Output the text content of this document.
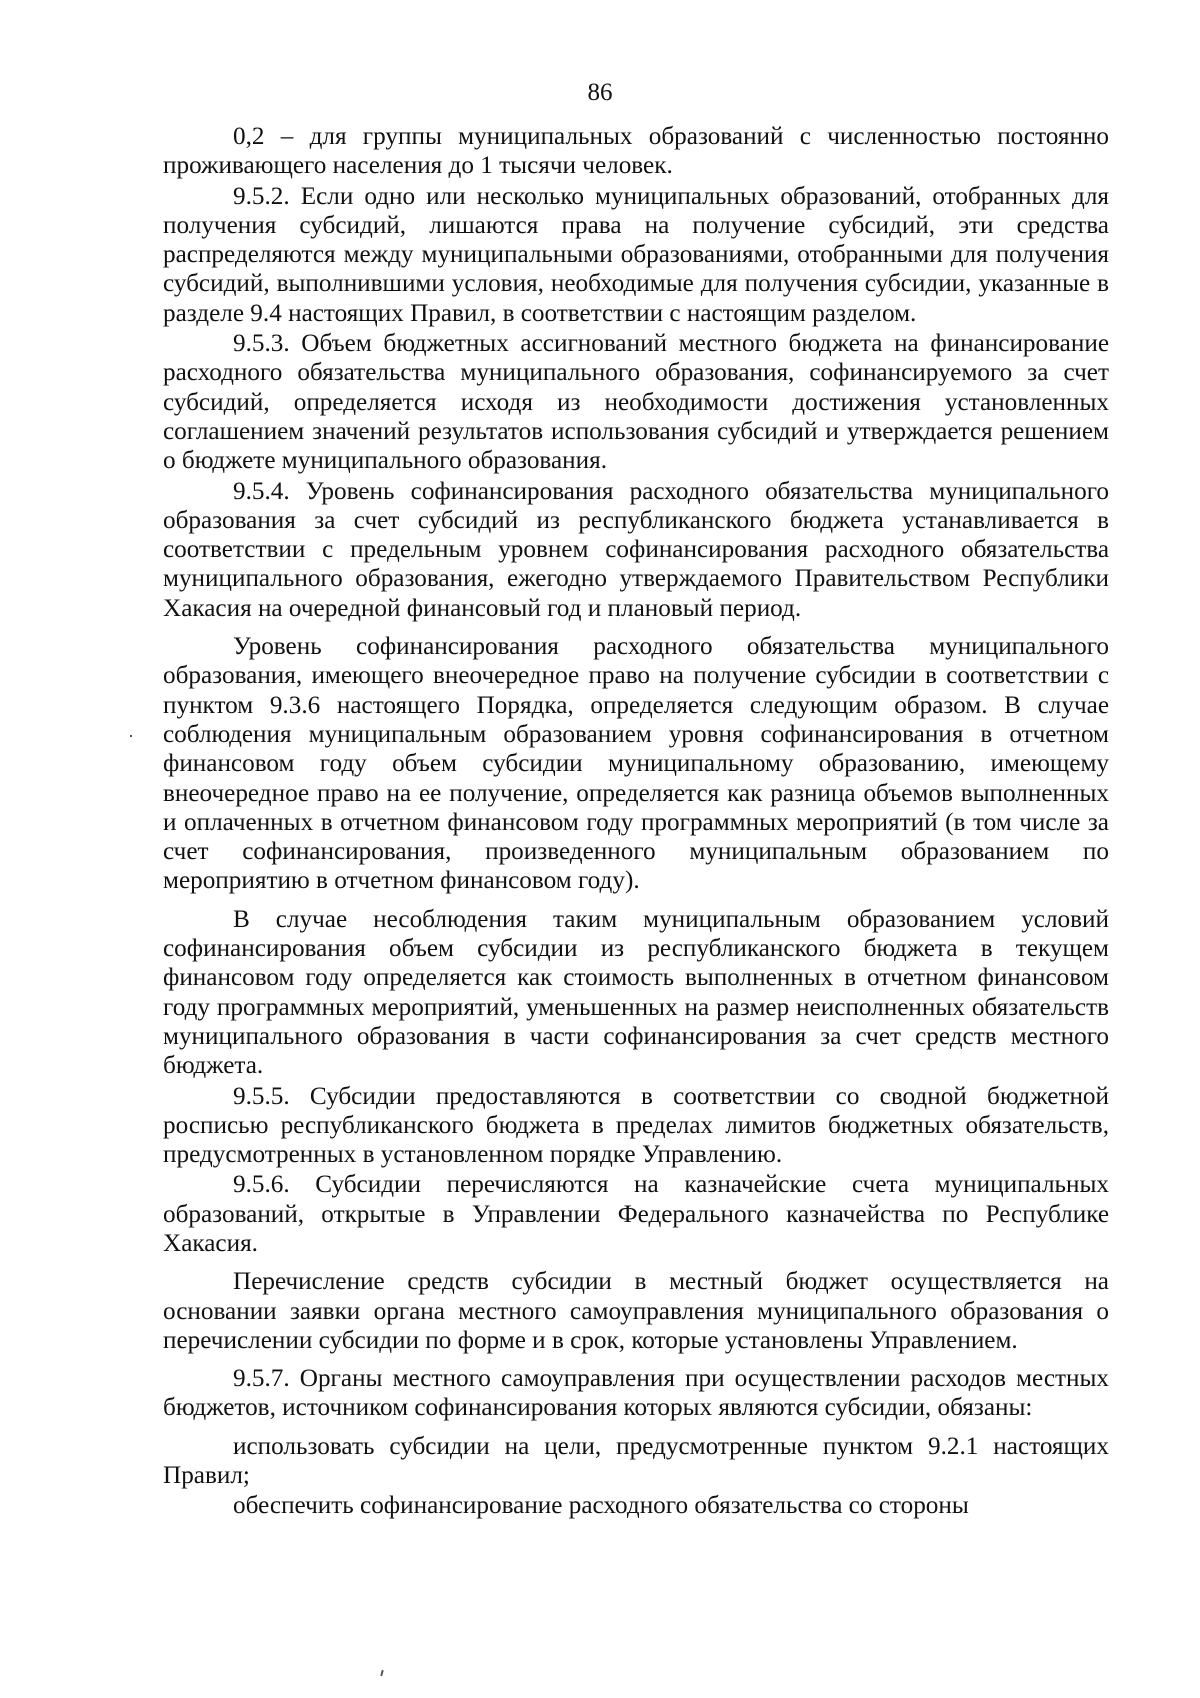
86

0,2 – для группы муниципальных образований с численностью постоянно проживающего населения до 1 тысячи человек.

9.5.2. Если одно или несколько муниципальных образований, отобранных для получения субсидий, лишаются права на получение субсидий, эти средства распределяются между муниципальными образованиями, отобранными для получения субсидий, выполнившими условия, необходимые для получения субсидии, указанные в разделе 9.4 настоящих Правил, в соответствии с настоящим разделом.

9.5.3. Объем бюджетных ассигнований местного бюджета на финансирование расходного обязательства муниципального образования, софинансируемого за счет субсидий, определяется исходя из необходимости достижения установленных соглашением значений результатов использования субсидий и утверждается решением о бюджете муниципального образования.

9.5.4. Уровень софинансирования расходного обязательства муниципального образования за счет субсидий из республиканского бюджета устанавливается в соответствии с предельным уровнем софинансирования расходного обязательства муниципального образования, ежегодно утверждаемого Правительством Республики Хакасия на очередной финансовый год и плановый период.

Уровень софинансирования расходного обязательства муниципального образования, имеющего внеочередное право на получение субсидии в соответствии с пунктом 9.3.6 настоящего Порядка, определяется следующим образом. В случае соблюдения муниципальным образованием уровня софинансирования в отчетном финансовом году объем субсидии муниципальному образованию, имеющему внеочередное право на ее получение, определяется как разница объемов выполненных и оплаченных в отчетном финансовом году программных мероприятий (в том числе за счет софинансирования, произведенного муниципальным образованием по мероприятию в отчетном финансовом году).

В случае несоблюдения таким муниципальным образованием условий софинансирования объем субсидии из республиканского бюджета в текущем финансовом году определяется как стоимость выполненных в отчетном финансовом году программных мероприятий, уменьшенных на размер неисполненных обязательств муниципального образования в части софинансирования за счет средств местного бюджета.

9.5.5. Субсидии предоставляются в соответствии со сводной бюджетной росписью республиканского бюджета в пределах лимитов бюджетных обязательств, предусмотренных в установленном порядке Управлению.

9.5.6. Субсидии перечисляются на казначейские счета муниципальных образований, открытые в Управлении Федерального казначейства по Республике Хакасия.

Перечисление средств субсидии в местный бюджет осуществляется на основании заявки органа местного самоуправления муниципального образования о перечислении субсидии по форме и в срок, которые установлены Управлением.

9.5.7. Органы местного самоуправления при осуществлении расходов местных бюджетов, источником софинансирования которых являются субсидии, обязаны:

использовать субсидии на цели, предусмотренные пунктом 9.2.1 настоящих Правил;

обеспечить софинансирование расходного обязательства со стороны
